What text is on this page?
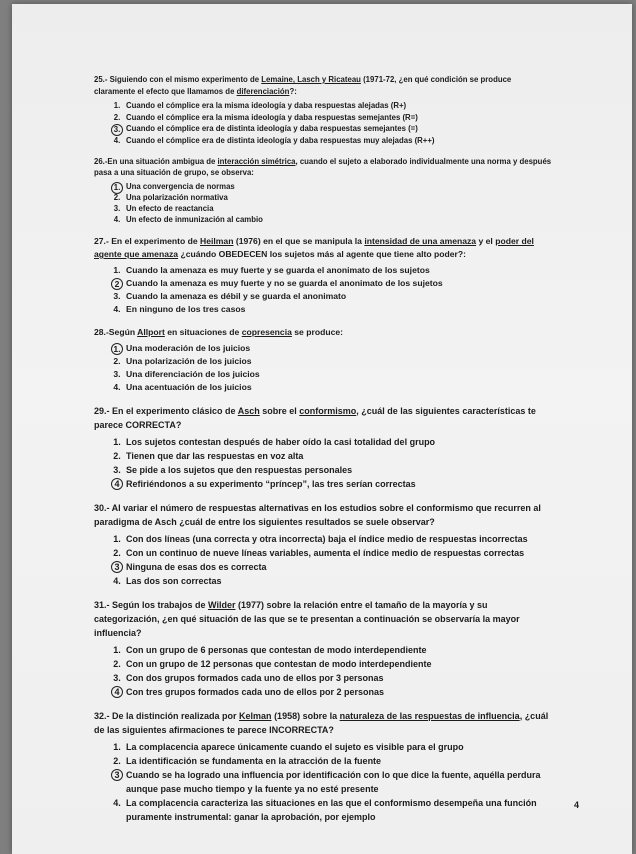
25.- Siguiendo con el mismo experimento de Lemaine, Lasch y Ricateau (1971-72, ¿en qué condición se produce claramente el efecto que llamamos de diferenciación?:
1. Cuando el cómplice era la misma ideología y daba respuestas alejadas (R+)
2. Cuando el cómplice era la misma ideología y daba respuestas semejantes (R=)
3. Cuando el cómplice era de distinta ideología y daba respuestas semejantes (=)
4. Cuando el cómplice era de distinta ideología y daba respuestas muy alejadas (R++)
26.-En una situación ambigua de interacción simétrica, cuando el sujeto a elaborado individualmente una norma y después pasa a una situación de grupo, se observa:
1. Una convergencia de normas
2. Una polarización normativa
3. Un efecto de reactancia
4. Un efecto de inmunización al cambio
27.- En el experimento de Heilman (1976) en el que se manipula la intensidad de una amenaza y el poder del agente que amenaza ¿cuándo OBEDECEN los sujetos más al agente que tiene alto poder?:
1. Cuando la amenaza es muy fuerte y se guarda el anonimato de los sujetos
2 Cuando la amenaza es muy fuerte y no se guarda el anonimato de los sujetos
3. Cuando la amenaza es débil y se guarda el anonimato
4. En ninguno de los tres casos
28.-Según Allport en situaciones de copresencia se produce:
1. Una moderación de los juicios
2. Una polarización de los juicios
3. Una diferenciación de los juicios
4. Una acentuación de los juicios
29.- En el experimento clásico de Asch sobre el conformismo, ¿cuál de las siguientes características te parece CORRECTA?
1. Los sujetos contestan después de haber oído la casi totalidad del grupo
2. Tienen que dar las respuestas en voz alta
3. Se pide a los sujetos que den respuestas personales
4 Refiriéndonos a su experimento “príncep”, las tres serían correctas
30.- Al variar el número de respuestas alternativas en los estudios sobre el conformismo que recurren al paradigma de Asch ¿cuál de entre los siguientes resultados se suele observar?
1. Con dos líneas (una correcta y otra incorrecta) baja el índice medio de respuestas incorrectas
2. Con un continuo de nueve líneas variables, aumenta el índice medio de respuestas correctas
3 Ninguna de esas dos es correcta
4. Las dos son correctas
31.- Según los trabajos de Wilder (1977) sobre la relación entre el tamaño de la mayoría y su categorización, ¿en qué situación de las que se te presentan a continuación se observaría la mayor influencia?
1. Con un grupo de 6 personas que contestan de modo interdependiente
2. Con un grupo de 12 personas que contestan de modo interdependiente
3. Con dos grupos formados cada uno de ellos por 3 personas
4 Con tres grupos formados cada uno de ellos por 2 personas
32.- De la distinción realizada por Kelman (1958) sobre la naturaleza de las respuestas de influencia, ¿cuál de las siguientes afirmaciones te parece INCORRECTA?
1. La complacencia aparece únicamente cuando el sujeto es visible para el grupo
2. La identificación se fundamenta en la atracción de la fuente
3 Cuando se ha logrado una influencia por identificación con lo que dice la fuente, aquélla perdura aunque pase mucho tiempo y la fuente ya no esté presente
4. La complacencia caracteriza las situaciones en las que el conformismo desempeña una función puramente instrumental: ganar la aprobación, por ejemplo
4
